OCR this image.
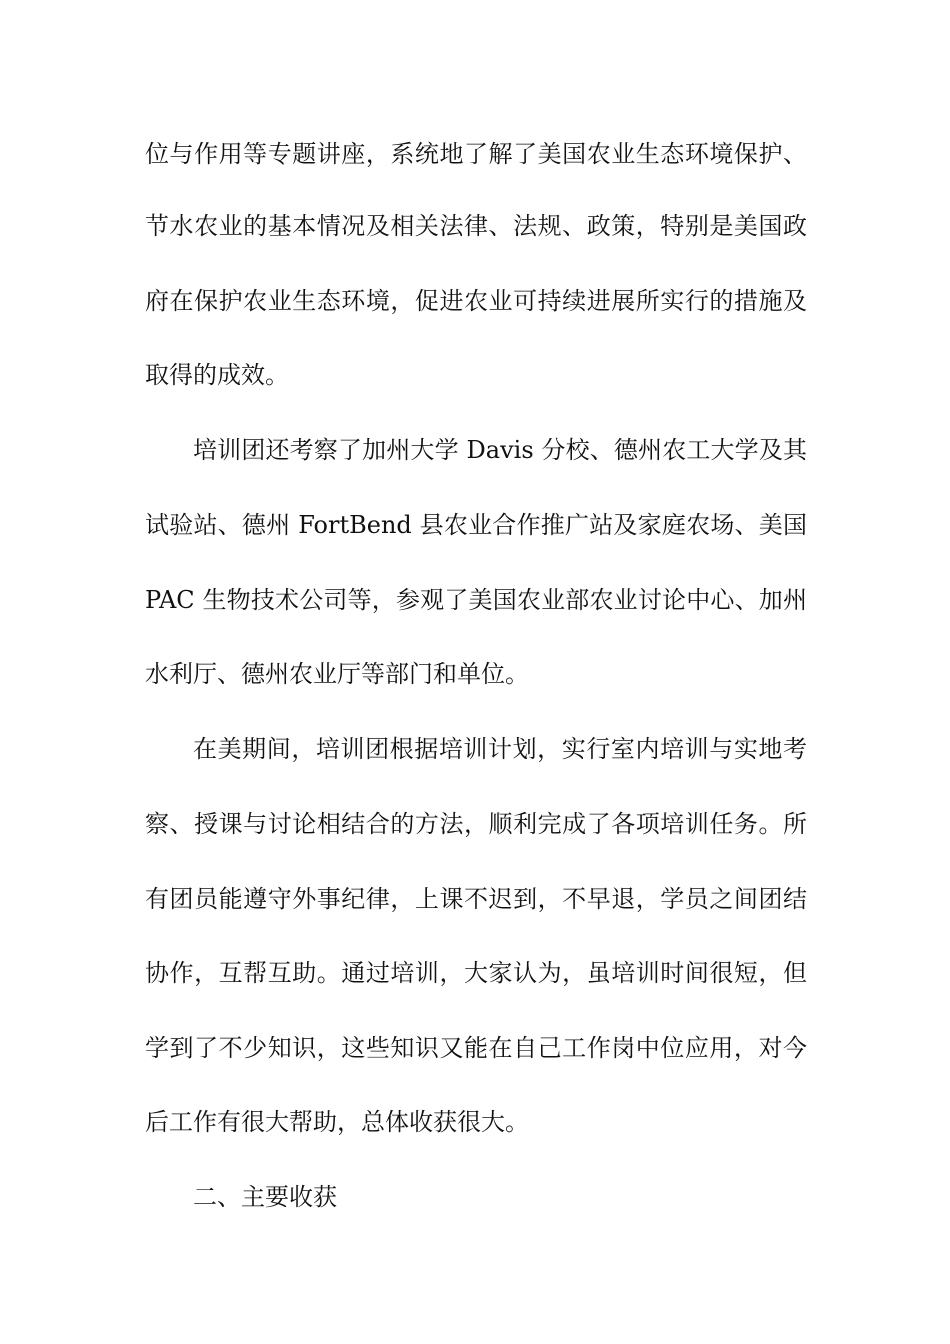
位与作用等专题讲座，系统地了解了美国农业生态环境保护、
节水农业的基本情况及相关法律、法规、政策，特别是美国政
府在保护农业生态环境，促进农业可持续进展所实行的措施及
取得的成效。
培训团还考察了加州大学 Davis 分校、德州农工大学及其
试验站、德州 FortBend 县农业合作推广站及家庭农场、美国
PAC 生物技术公司等，参观了美国农业部农业讨论中心、加州
水利厅、德州农业厅等部门和单位。
在美期间，培训团根据培训计划，实行室内培训与实地考
察、授课与讨论相结合的方法，顺利完成了各项培训任务。所
有团员能遵守外事纪律，上课不迟到，不早退，学员之间团结
协作，互帮互助。通过培训，大家认为，虽培训时间很短，但
学到了不少知识，这些知识又能在自己工作岗中位应用，对今
后工作有很大帮助，总体收获很大。
二、主要收获
